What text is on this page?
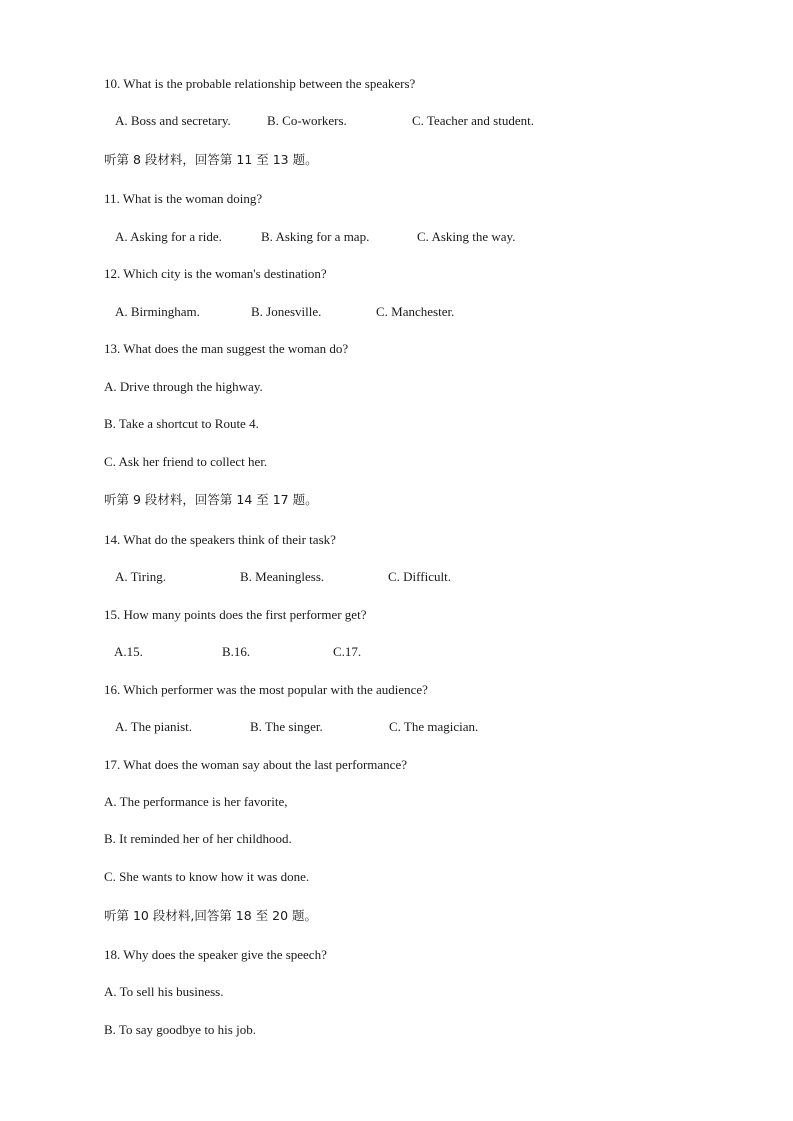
10. What is the probable relationship between the speakers?
A. Boss and secretary.	B. Co-workers.	C. Teacher and student.
听第 8 段材料，回答第 11 至 13 题。
11. What is the woman doing?
A. Asking for a ride.	B. Asking for a map.	C. Asking the way.
12. Which city is the woman's destination?
A. Birmingham.	B. Jonesville.	C. Manchester.
13. What does the man suggest the woman do?
A. Drive through the highway.
B. Take a shortcut to Route 4.
C. Ask her friend to collect her.
听第 9 段材料，回答第 14 至 17 题。
14. What do the speakers think of their task?
A. Tiring.	B. Meaningless.	C. Difficult.
15. How many points does the first performer get?
A.15.	B.16.	C.17.
16. Which performer was the most popular with the audience?
A. The pianist.	B. The singer.	C. The magician.
17. What does the woman say about the last performance?
A. The performance is her favorite,
B. It reminded her of her childhood.
C. She wants to know how it was done.
听第 10 段材料,回答第 18 至 20 题。
18. Why does the speaker give the speech?
A. To sell his business.
B. To say goodbye to his job.
